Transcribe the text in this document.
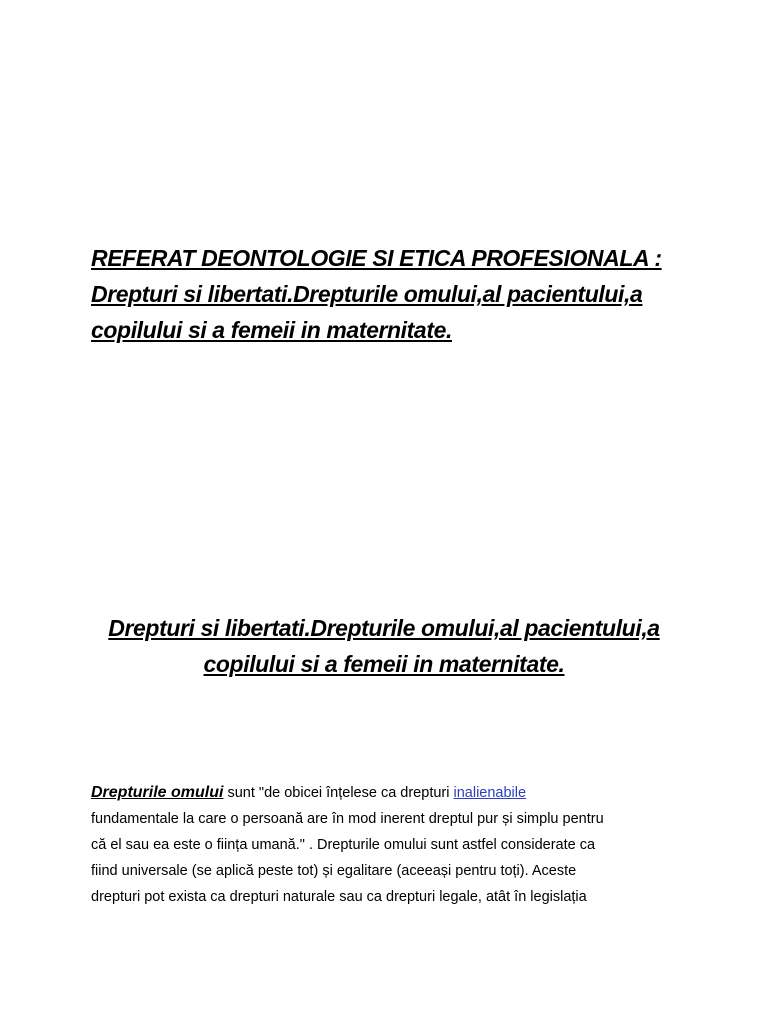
REFERAT DEONTOLOGIE SI ETICA PROFESIONALA :
Drepturi si libertati.Drepturile omului,al pacientului,a
copilului si a femeii in maternitate.
Drepturi si libertati.Drepturile omului,al pacientului,a
copilului si a femeii in maternitate.
Drepturile omului sunt "de obicei înțelese ca drepturi inalienabile
fundamentale la care o persoană are în mod inerent dreptul pur și simplu pentru
că el sau ea este o ființa umană." . Drepturile omului sunt astfel considerate ca
fiind universale (se aplică peste tot) și egalitare (aceeași pentru toți). Aceste
drepturi pot exista ca drepturi naturale sau ca drepturi legale, atât în legislația
